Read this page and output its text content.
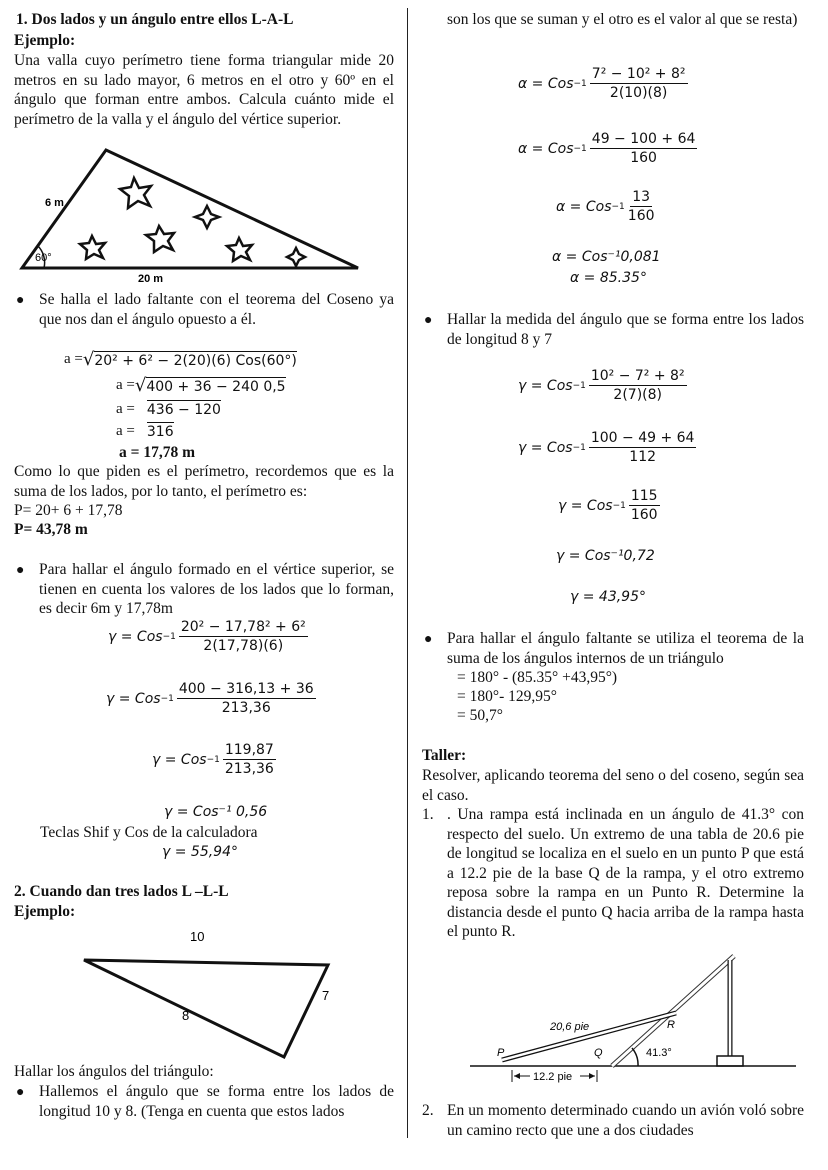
1. Dos lados y un ángulo entre ellos L-A-L
Ejemplo:
Una valla cuyo perímetro tiene forma triangular mide 20 metros en su lado mayor, 6 metros en el otro y 60º en el ángulo que forman entre ambos. Calcula cuánto mide el perímetro de la valla y el ángulo del vértice superior.
6 m
60°
20 m
● Se halla el lado faltante con el teorema del Coseno ya que nos dan el ángulo opuesto a él.
a = √ 20² + 6² − 2(20)(6) Cos(60°)
a = √ 400 + 36 − 240 0,5
a = 436 − 120
a = 316
a = 17,78 m
Como lo que piden es el perímetro, recordemos que es la suma de los lados, por lo tanto, el perímetro es:
P= 20+ 6 + 17,78
P= 43,78 m
● Para hallar el ángulo formado en el vértice superior, se tienen en cuenta los valores de los lados que lo forman, es decir 6m y 17,78m
γ = Cos $-1 \frac{\text{20² − 17,78² + 6²}}{2(17,78)(6)}$
γ = Cos $-1 \frac{400 - 316,13 + 36}{213,36}$
γ = Cos $-1 \frac{119,87}{213,36}$
γ = Cos⁻¹ 0,56
Teclas Shif y Cos de la calculadora
γ = 55,94°
2. Cuando dan tres lados L –L-L
Ejemplo:
10
7
8
Hallar los ángulos del triángulo:
● Hallemos el ángulo que se forma entre los lados de longitud 10 y 8. (Tenga en cuenta que estos lados
son los que se suman y el otro es el valor al que se resta)
α = Cos $-1 \frac{\text{7² − 10² + 8²}}{2(10)(8)}$
α = Cos $-1 \frac{49 - 100 + 64}{160}$
α = Cos $-1 \frac{13}{160}$
α = Cos⁻¹0,081
α = 85.35°
● Hallar la medida del ángulo que se forma entre los lados de longitud 8 y 7
γ = Cos $-1 \frac{\text{10² − 7² + 8²}}{2(7)(8)}$
γ = Cos $-1 \frac{100 - 49 + 64}{112}$
γ = Cos $-1 \frac{115}{160}$
γ = Cos⁻¹0,72
γ = 43,95°
● Para hallar el ángulo faltante se utiliza el teorema de la suma de los ángulos internos de un triángulo
= 180° - (85.35° +43,95°)
= 180°- 129,95°
= 50,7°
Taller:
Resolver, aplicando teorema del seno o del coseno, según sea el caso.
1. . Una rampa está inclinada en un ángulo de 41.3° con respecto del suelo. Un extremo de una tabla de 20.6 pie de longitud se localiza en el suelo en un punto P que está a 12.2 pie de la base Q de la rampa, y el otro extremo reposa sobre la rampa en un Punto R. Determine la distancia desde el punto Q hacia arriba de la rampa hasta el punto R.
20,6 pie	R
P	Q	41.3°
12.2 pie
2. En un momento determinado cuando un avión voló sobre un camino recto que une a dos ciudades
